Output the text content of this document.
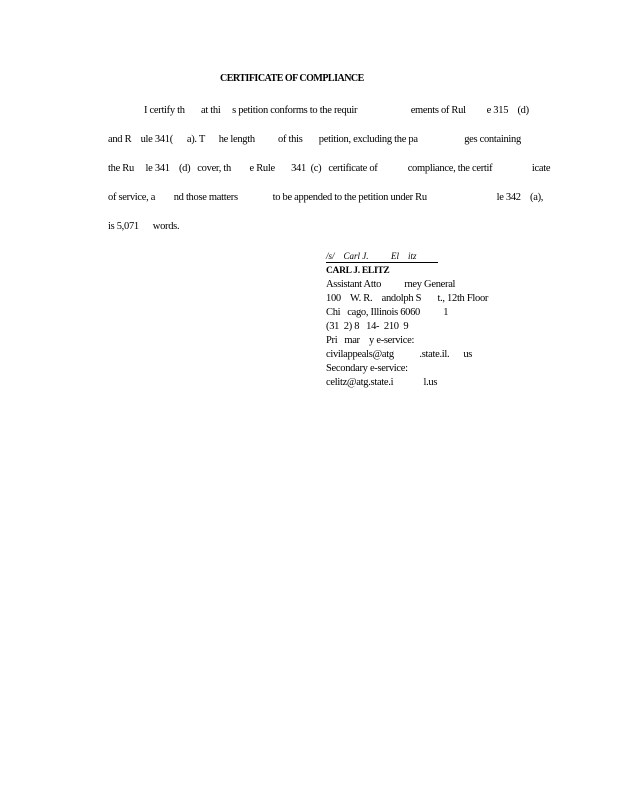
CERTIFICATE OF COMPLIANCE
I certify th       at thi     s petition conforms to the requir                       ements of Rul         e 315    (d)
and R    ule 341(      a). T      he length          of this       petition, excluding the pa                    ges containing
the Ru     le 341    (d)   cover, th        e Rule       341  (c)   certificate of             compliance, the certif                 icate
of service, a        nd those matters               to be appended to the petition under Ru                              le 342    (a),
is 5,071      words.
/s/    Carl J.          El    itz
CARL J. ELITZ
Assistant Atto          rney General
100    W. R.    andolph S       t., 12th Floor
Chi   cago, Illinois 6060          1
(31  2) 8   14-  210  9
Pri   mar    y e-service:
civilappeals@atg           .state.il.      us
Secondary e-service:
celitz@atg.state.i             l.us
